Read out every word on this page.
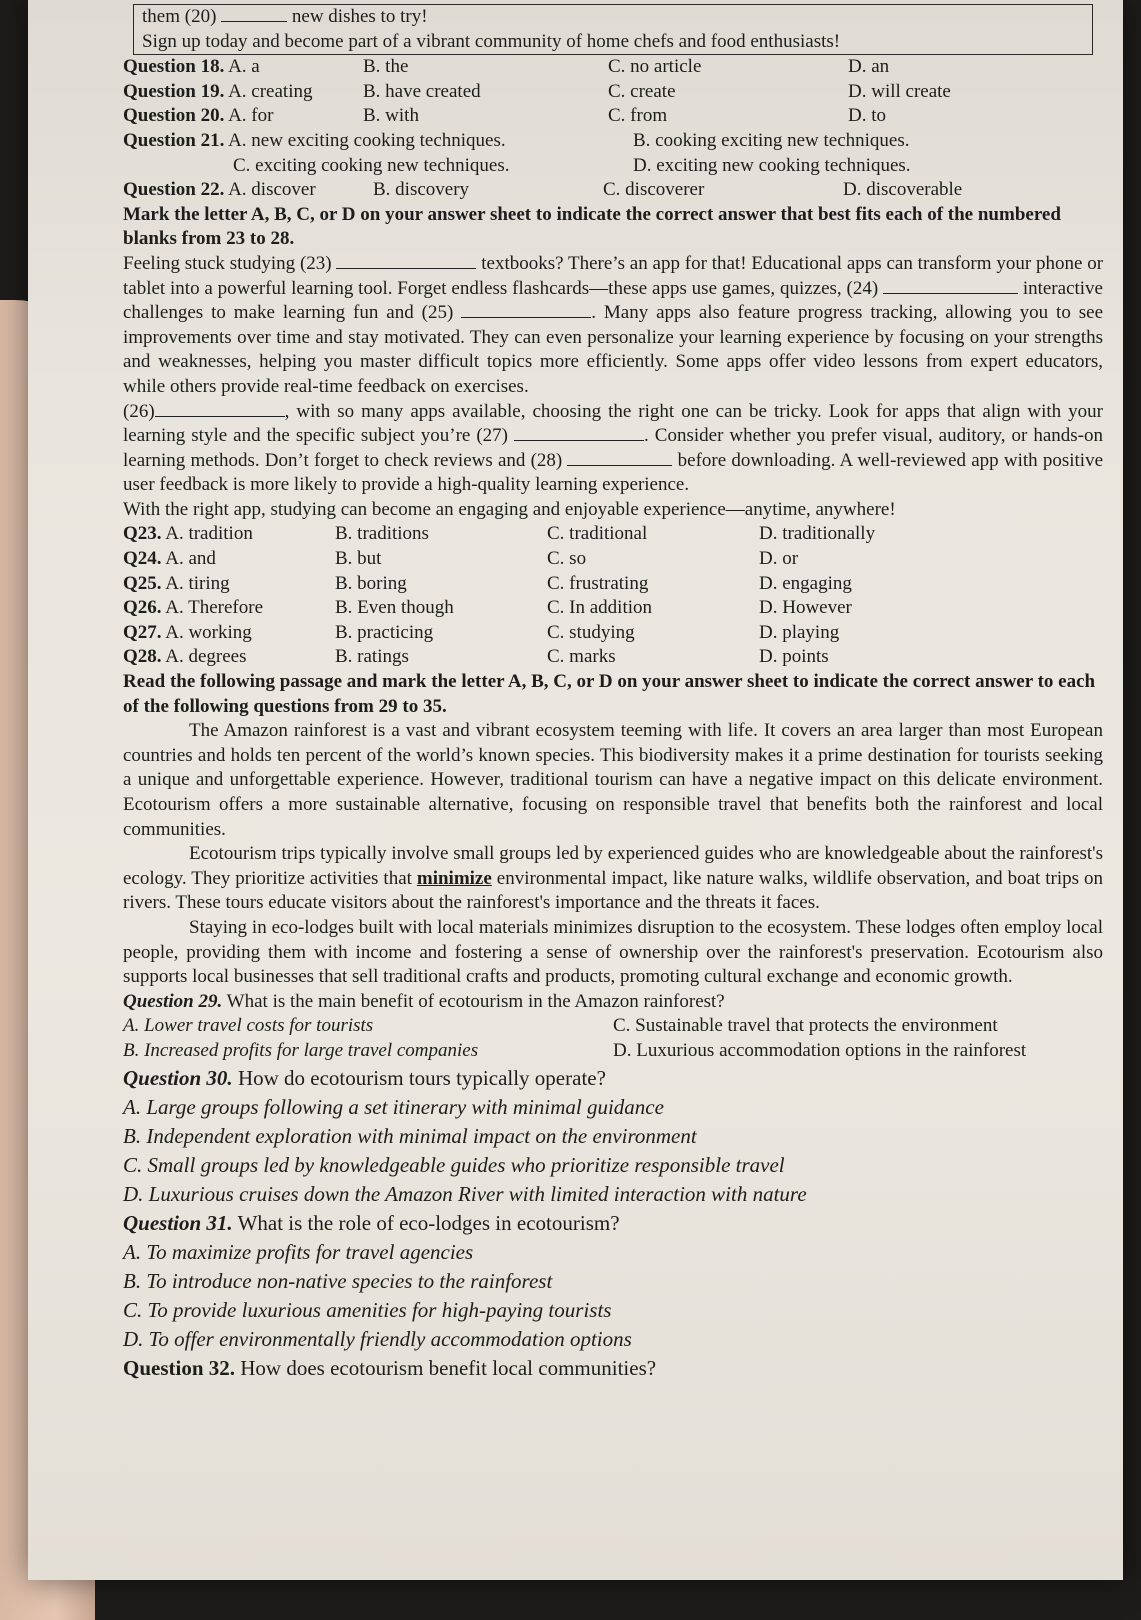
them (20)	new dishes to try!
Sign up today and become part of a vibrant community of home chefs and food enthusiasts!
Question 18. A. a	B. the	C. no article	D. an
Question 19. A. creating	B. have created	C. create	D. will create
Question 20. A. for	B. with	C. from	D. to
Question 21. A. new exciting cooking techniques.	B. cooking exciting new techniques.
C. exciting cooking new techniques.	D. exciting new cooking techniques.
Question 22. A. discover	B. discovery	C. discoverer	D. discoverable
Mark the letter A, B, C, or D on your answer sheet to indicate the correct answer that best fits each of the numbered blanks from 23 to 28.
Feeling stuck studying (23)	textbooks? There’s an app for that! Educational apps can transform your phone or tablet into a powerful learning tool. Forget endless flashcards—these apps use games, quizzes, (24)	interactive challenges to make learning fun and (25)	. Many apps also feature progress tracking, allowing you to see improvements over time and stay motivated. They can even personalize your learning experience by focusing on your strengths and weaknesses, helping you master difficult topics more efficiently. Some apps offer video lessons from expert educators, while others provide real-time feedback on exercises.
(26)	, with so many apps available, choosing the right one can be tricky. Look for apps that align with your learning style and the specific subject you’re (27)	. Consider whether you prefer visual, auditory, or hands-on learning methods. Don’t forget to check reviews and (28)	before downloading. A well-reviewed app with positive user feedback is more likely to provide a high-quality learning experience.
With the right app, studying can become an engaging and enjoyable experience—anytime, anywhere!
Q23. A. tradition	B. traditions	C. traditional	D. traditionally
Q24. A. and	B. but	C. so	D. or
Q25. A. tiring	B. boring	C. frustrating	D. engaging
Q26. A. Therefore	B. Even though	C. In addition	D. However
Q27. A. working	B. practicing	C. studying	D. playing
Q28. A. degrees	B. ratings	C. marks	D. points
Read the following passage and mark the letter A, B, C, or D on your answer sheet to indicate the correct answer to each of the following questions from 29 to 35.
The Amazon rainforest is a vast and vibrant ecosystem teeming with life. It covers an area larger than most European countries and holds ten percent of the world’s known species. This biodiversity makes it a prime destination for tourists seeking a unique and unforgettable experience. However, traditional tourism can have a negative impact on this delicate environment. Ecotourism offers a more sustainable alternative, focusing on responsible travel that benefits both the rainforest and local communities.
Ecotourism trips typically involve small groups led by experienced guides who are knowledgeable about the rainforest's ecology. They prioritize activities that minimize environmental impact, like nature walks, wildlife observation, and boat trips on rivers. These tours educate visitors about the rainforest's importance and the threats it faces.
Staying in eco-lodges built with local materials minimizes disruption to the ecosystem. These lodges often employ local people, providing them with income and fostering a sense of ownership over the rainforest's preservation. Ecotourism also supports local businesses that sell traditional crafts and products, promoting cultural exchange and economic growth.
Question 29. What is the main benefit of ecotourism in the Amazon rainforest?
A. Lower travel costs for tourists	C. Sustainable travel that protects the environment
B. Increased profits for large travel companies	D. Luxurious accommodation options in the rainforest
Question 30. How do ecotourism tours typically operate?
A. Large groups following a set itinerary with minimal guidance
B. Independent exploration with minimal impact on the environment
C. Small groups led by knowledgeable guides who prioritize responsible travel
D. Luxurious cruises down the Amazon River with limited interaction with nature
Question 31. What is the role of eco-lodges in ecotourism?
A. To maximize profits for travel agencies
B. To introduce non-native species to the rainforest
C. To provide luxurious amenities for high-paying tourists
D. To offer environmentally friendly accommodation options
Question 32. How does ecotourism benefit local communities?
